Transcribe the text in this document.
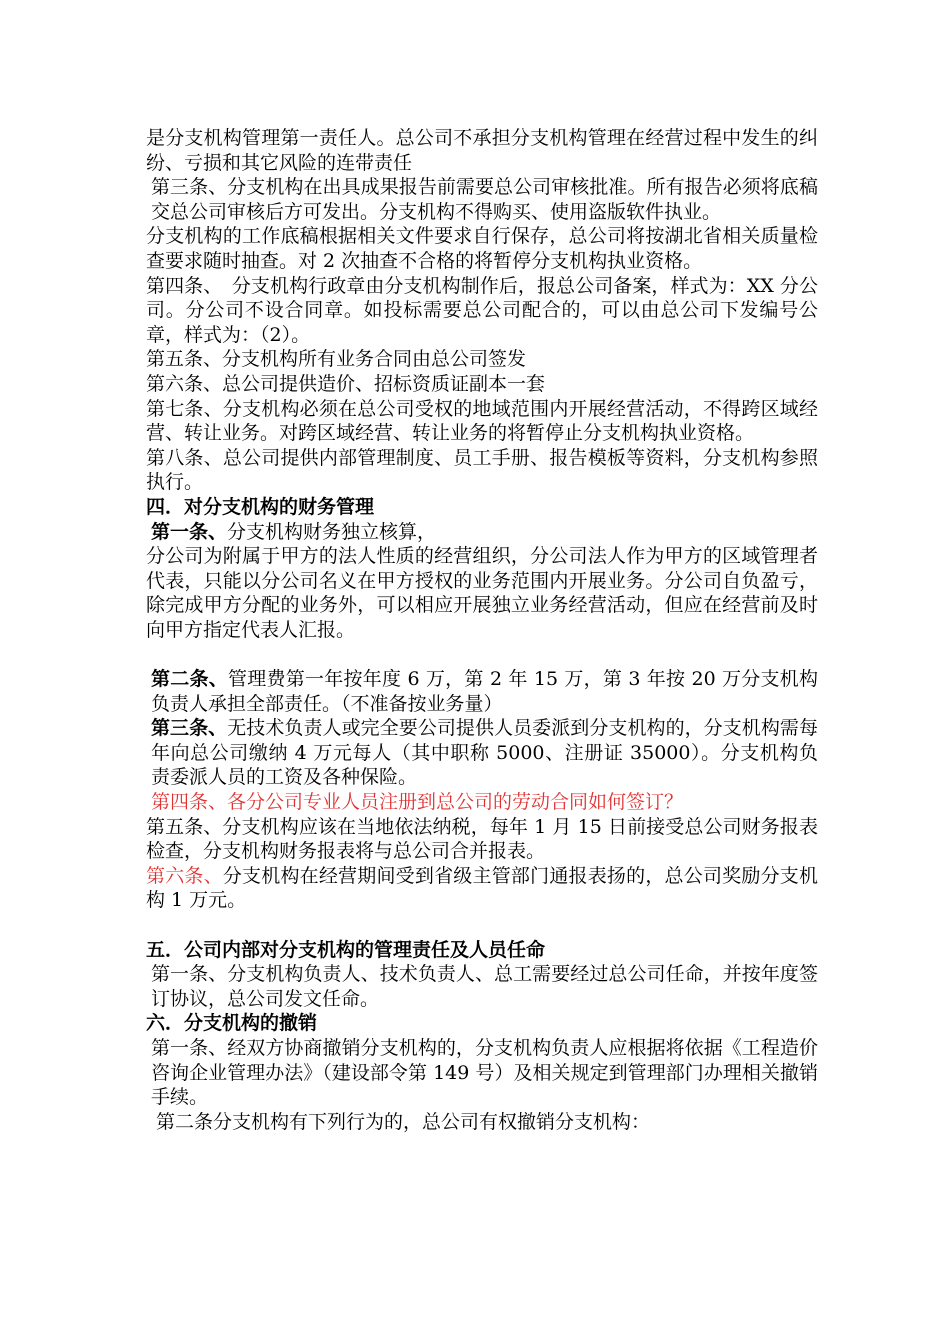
是分支机构管理第一责任人。总公司不承担分支机构管理在经营过程中发生的纠纷、亏损和其它风险的连带责任

第三条、分支机构在出具成果报告前需要总公司审核批准。所有报告必须将底稿交总公司审核后方可发出。分支机构不得购买、使用盗版软件执业。

分支机构的工作底稿根据相关文件要求自行保存，总公司将按湖北省相关质量检查要求随时抽查。对 2 次抽查不合格的将暂停分支机构执业资格。

第四条、　分支机构行政章由分支机构制作后，报总公司备案，样式为：XX 分公司。分公司不设合同章。如投标需要总公司配合的，可以由总公司下发编号公章，样式为：（2）。

第五条、分支机构所有业务合同由总公司签发

第六条、总公司提供造价、招标资质证副本一套

第七条、分支机构必须在总公司受权的地域范围内开展经营活动，不得跨区域经营、转让业务。对跨区域经营、转让业务的将暂停止分支机构执业资格。

第八条、总公司提供内部管理制度、员工手册、报告模板等资料，分支机构参照执行。

四．对分支机构的财务管理

第一条、分支机构财务独立核算，

分公司为附属于甲方的法人性质的经营组织，分公司法人作为甲方的区域管理者代表，只能以分公司名义在甲方授权的业务范围内开展业务。分公司自负盈亏，除完成甲方分配的业务外，可以相应开展独立业务经营活动，但应在经营前及时向甲方指定代表人汇报。

第二条、管理费第一年按年度 6 万，第 2 年 15 万，第 3 年按 20 万分支机构负责人承担全部责任。（不准备按业务量）

第三条、无技术负责人或完全要公司提供人员委派到分支机构的，分支机构需每年向总公司缴纳 4 万元每人（其中职称 5000、注册证 35000）。分支机构负责委派人员的工资及各种保险。

第四条、各分公司专业人员注册到总公司的劳动合同如何签订？

第五条、分支机构应该在当地依法纳税，每年 1 月 15 日前接受总公司财务报表检查，分支机构财务报表将与总公司合并报表。

第六条、分支机构在经营期间受到省级主管部门通报表扬的，总公司奖励分支机构 1 万元。

五．公司内部对分支机构的管理责任及人员任命

第一条、分支机构负责人、技术负责人、总工需要经过总公司任命，并按年度签订协议，总公司发文任命。

六．分支机构的撤销

第一条、经双方协商撤销分支机构的，分支机构负责人应根据将依据《工程造价咨询企业管理办法》（建设部令第 149 号）及相关规定到管理部门办理相关撤销手续。

第二条分支机构有下列行为的，总公司有权撤销分支机构：
